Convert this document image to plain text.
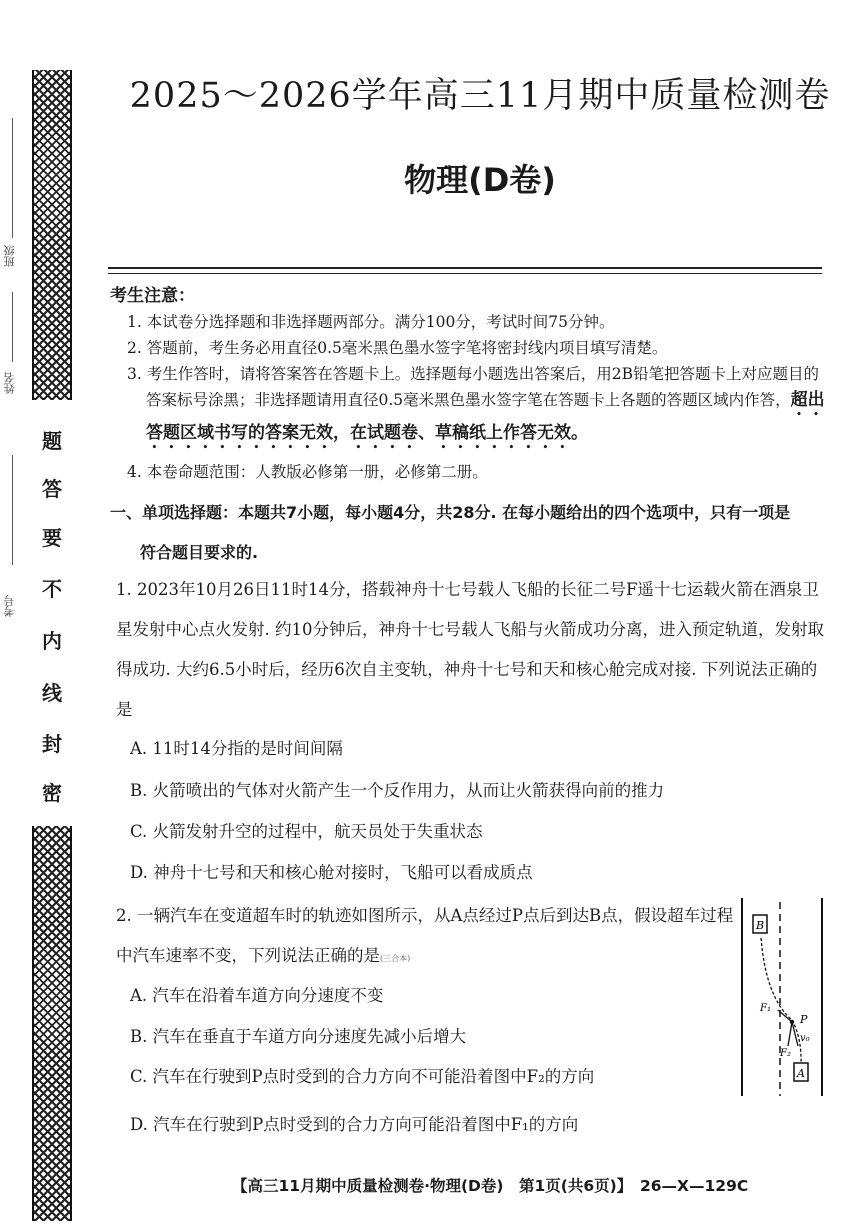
班级
姓名
考号
题
答
要
不
内
线
封
密
2025～2026学年高三11月期中质量检测卷
物理(D卷)
考生注意：
1. 本试卷分选择题和非选择题两部分。满分100分，考试时间75分钟。
2. 答题前，考生务必用直径0.5毫米黑色墨水签字笔将密封线内项目填写清楚。
3. 考生作答时，请将答案答在答题卡上。选择题每小题选出答案后，用2B铅笔把答题卡上对应题目的答案标号涂黑；非选择题请用直径0.5毫米黑色墨水签字笔在答题卡上各题的答题区域内作答，超出答题区域书写的答案无效，在试题卷、草稿纸上作答无效。
4. 本卷命题范围：人教版必修第一册，必修第二册。
一、单项选择题：本题共7小题，每小题4分，共28分. 在每小题给出的四个选项中，只有一项是
符合题目要求的.
1. 2023年10月26日11时14分，搭载神舟十七号载人飞船的长征二号F遥十七运载火箭在酒泉卫星发射中心点火发射. 约10分钟后，神舟十七号载人飞船与火箭成功分离，进入预定轨道，发射取得成功. 大约6.5小时后，经历6次自主变轨，神舟十七号和天和核心舱完成对接. 下列说法正确的是
A. 11时14分指的是时间间隔
B. 火箭喷出的气体对火箭产生一个反作用力，从而让火箭获得向前的推力
C. 火箭发射升空的过程中，航天员处于失重状态
D. 神舟十七号和天和核心舱对接时，飞船可以看成质点
2. 一辆汽车在变道超车时的轨迹如图所示，从A点经过P点后到达B点，假设超车过程中汽车速率不变，下列说法正确的是(三合本)
A. 汽车在沿着车道方向分速度不变
B. 汽车在垂直于车道方向分速度先减小后增大
C. 汽车在行驶到P点时受到的合力方向不可能沿着图中F₂的方向
D. 汽车在行驶到P点时受到的合力方向可能沿着图中F₁的方向
B
A
P
F₁
F₂
v₀
【高三11月期中质量检测卷·物理(D卷)　第1页(共6页)】　26—X—129C
